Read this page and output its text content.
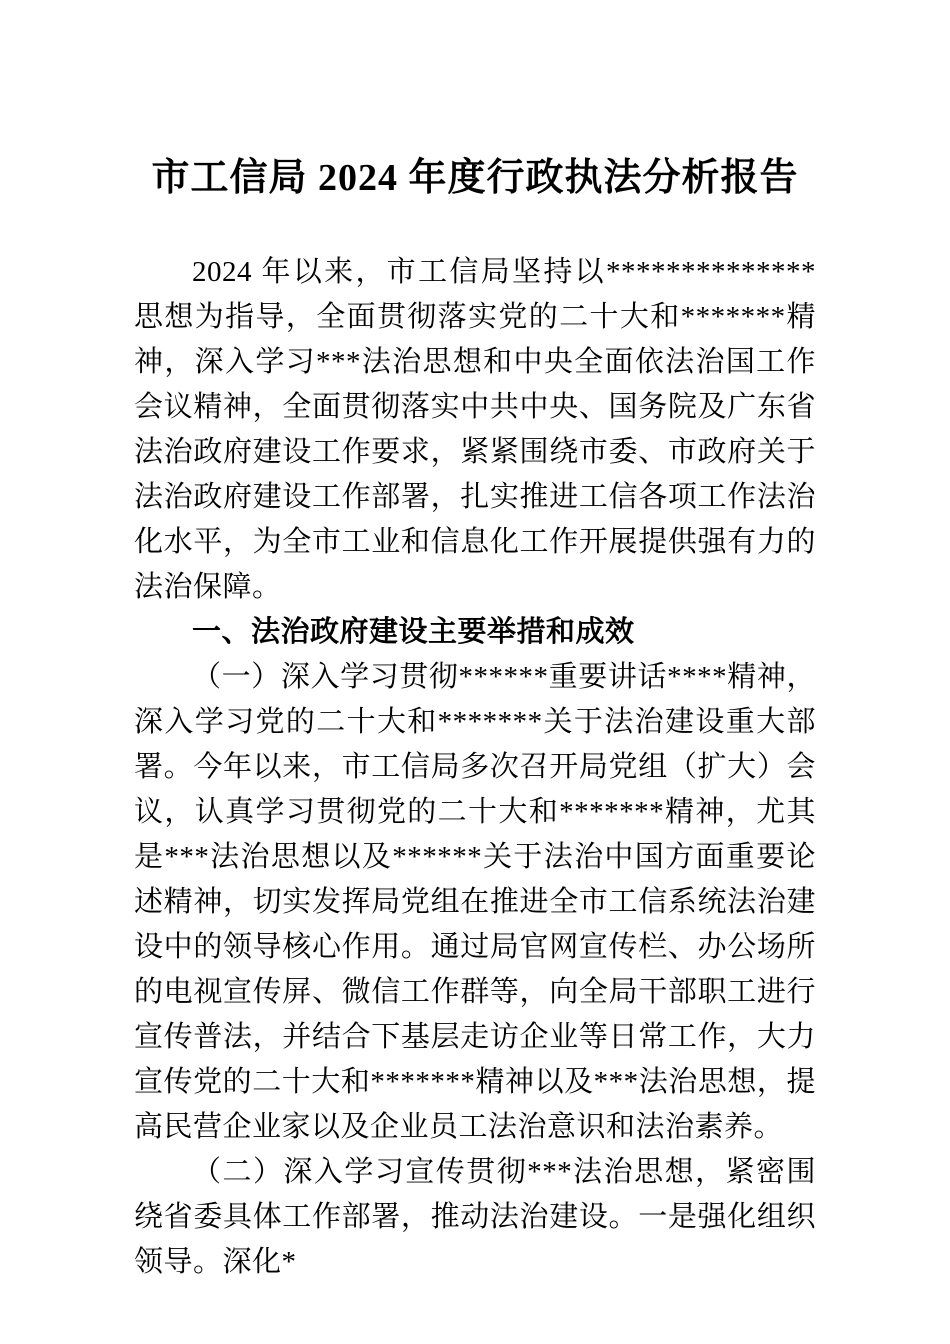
市工信局 2024 年度行政执法分析报告

2024 年以来，市工信局坚持以**************思想为指导，全面贯彻落实党的二十大和*******精神，深入学习***法治思想和中央全面依法治国工作会议精神，全面贯彻落实中共中央、国务院及广东省法治政府建设工作要求，紧紧围绕市委、市政府关于法治政府建设工作部署，扎实推进工信各项工作法治化水平，为全市工业和信息化工作开展提供强有力的法治保障。

一、法治政府建设主要举措和成效

（一）深入学习贯彻******重要讲话****精神，深入学习党的二十大和*******关于法治建设重大部署。今年以来，市工信局多次召开局党组（扩大）会议，认真学习贯彻党的二十大和*******精神，尤其是***法治思想以及******关于法治中国方面重要论述精神，切实发挥局党组在推进全市工信系统法治建设中的领导核心作用。通过局官网宣传栏、办公场所的电视宣传屏、微信工作群等，向全局干部职工进行宣传普法，并结合下基层走访企业等日常工作，大力宣传党的二十大和*******精神以及***法治思想，提高民营企业家以及企业员工法治意识和法治素养。

（二）深入学习宣传贯彻***法治思想，紧密围绕省委具体工作部署，推动法治建设。一是强化组织领导。深化*
